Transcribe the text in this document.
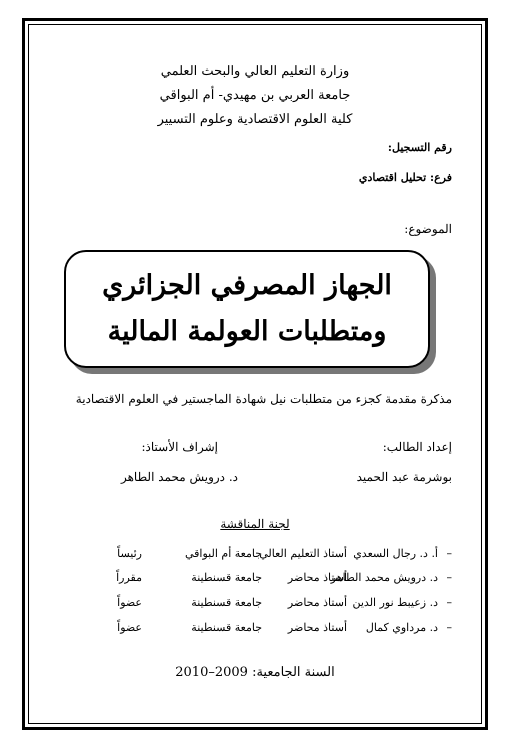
وزارة التعليم العالي والبحث العلمي
جامعة العربي بن مهيدي- أم البواقي
كلية العلوم الاقتصادية وعلوم التسيير
رقم التسجيل:
فرع: تحليل اقتصادي
الموضوع:
الجهاز المصرفي الجزائري
ومتطلبات العولمة المالية
مذكرة مقدمة كجزء من متطلبات نيل شهادة الماجستير في العلوم الاقتصادية
إعداد الطالب:
إشراف الأستاذ:
بوشرمة عبد الحميد
د. درويش محمد الطاهر
لجنة المناقشة
–
أ. د. رجال السعدي
أستاذ التعليم العالي
جامعة أم البواقي
رئيساً
–
د. درويش محمد الطاهر
أستاذ محاضر
جامعة قسنطينة
مقرراً
–
د. زعيبط نور الدين
أستاذ محاضر
جامعة قسنطينة
عضواً
–
د. مرداوي كمال
أستاذ محاضر
جامعة قسنطينة
عضواً
السنة الجامعية: 2009–2010
